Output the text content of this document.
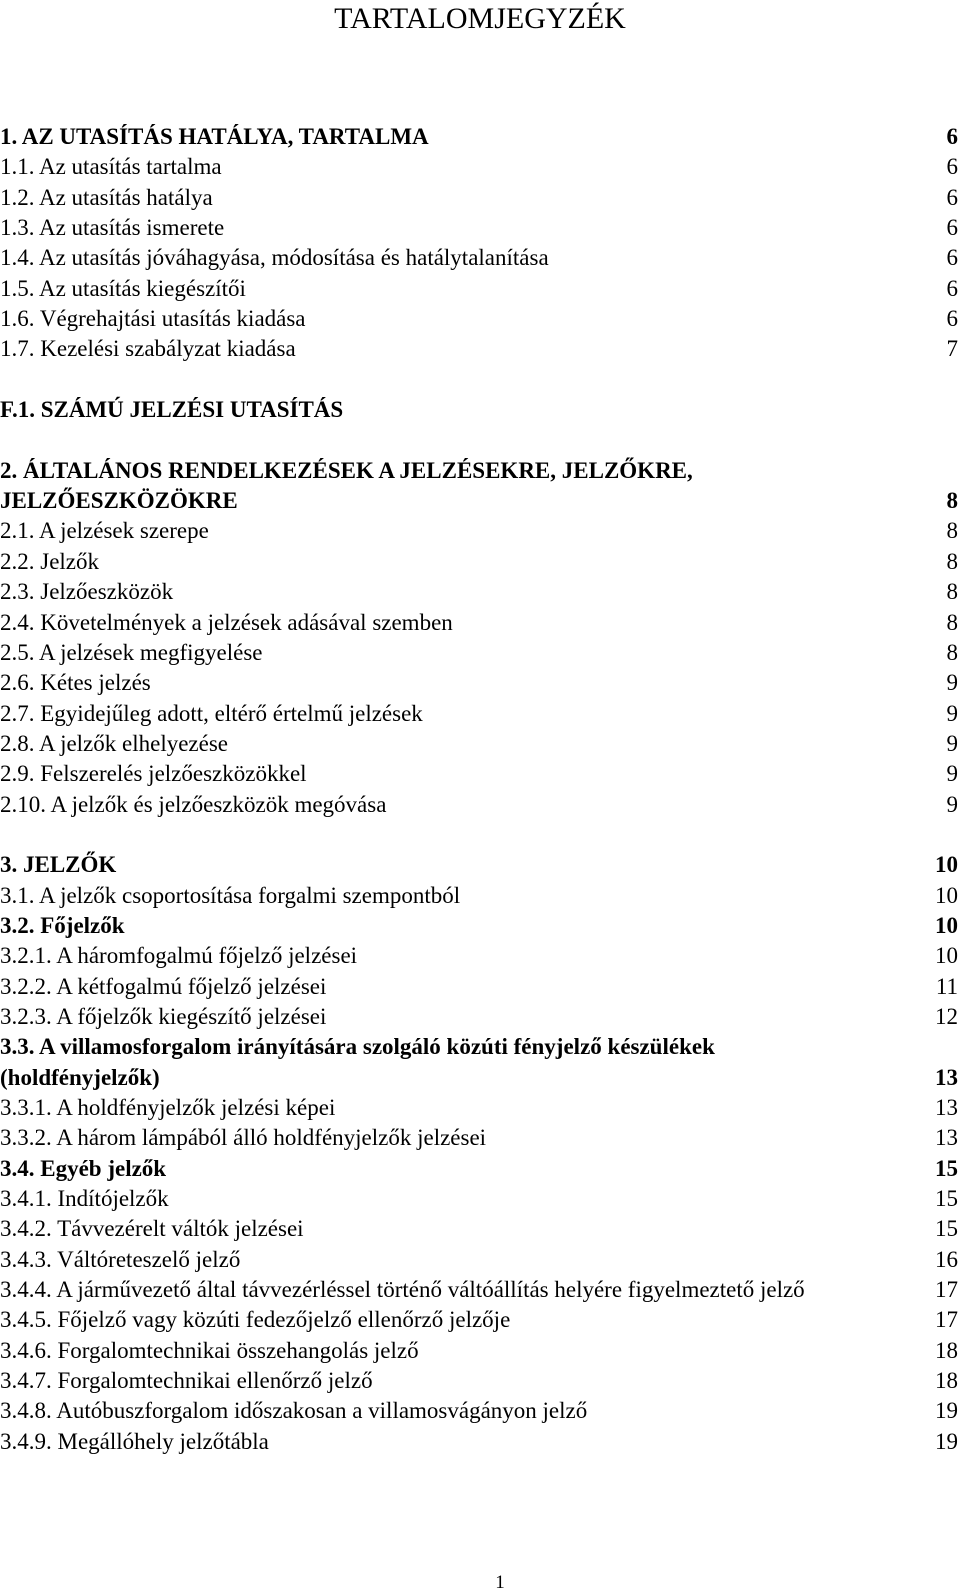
TARTALOMJEGYZÉK
1. AZ UTASÍTÁS HATÁLYA, TARTALMA	6
1.1. Az utasítás tartalma	6
1.2. Az utasítás hatálya	6
1.3. Az utasítás ismerete	6
1.4. Az utasítás jóváhagyása, módosítása és hatálytalanítása	6
1.5. Az utasítás kiegészítői	6
1.6. Végrehajtási utasítás kiadása	6
1.7. Kezelési szabályzat kiadása	7
F.1. SZÁMÚ JELZÉSI UTASÍTÁS
2. ÁLTALÁNOS RENDELKEZÉSEK A JELZÉSEKRE, JELZŐKRE,
JELZŐESZKÖZÖKRE	8
2.1. A jelzések szerepe	8
2.2. Jelzők	8
2.3. Jelzőeszközök	8
2.4. Követelmények a jelzések adásával szemben	8
2.5. A jelzések megfigyelése	8
2.6. Kétes jelzés	9
2.7. Egyidejűleg adott, eltérő értelmű jelzések	9
2.8. A jelzők elhelyezése	9
2.9. Felszerelés jelzőeszközökkel	9
2.10. A jelzők és jelzőeszközök megóvása	9
3. JELZŐK	10
3.1. A jelzők csoportosítása forgalmi szempontból	10
3.2. Főjelzők	10
3.2.1. A háromfogalmú főjelző jelzései	10
3.2.2. A kétfogalmú főjelző jelzései	11
3.2.3. A főjelzők kiegészítő jelzései	12
3.3. A villamosforgalom irányítására szolgáló közúti fényjelző készülékek
(holdfényjelzők)	13
3.3.1. A holdfényjelzők jelzési képei	13
3.3.2. A három lámpából álló holdfényjelzők jelzései	13
3.4. Egyéb jelzők	15
3.4.1. Indítójelzők	15
3.4.2. Távvezérelt váltók jelzései	15
3.4.3. Váltóreteszelő jelző	16
3.4.4. A járművezető által távvezérléssel történő váltóállítás helyére figyelmeztető jelző	17
3.4.5. Főjelző vagy közúti fedezőjelző ellenőrző jelzője	17
3.4.6. Forgalomtechnikai összehangolás jelző	18
3.4.7. Forgalomtechnikai ellenőrző jelző	18
3.4.8. Autóbuszforgalom időszakosan a villamosvágányon jelző	19
3.4.9. Megállóhely jelzőtábla	19
1
